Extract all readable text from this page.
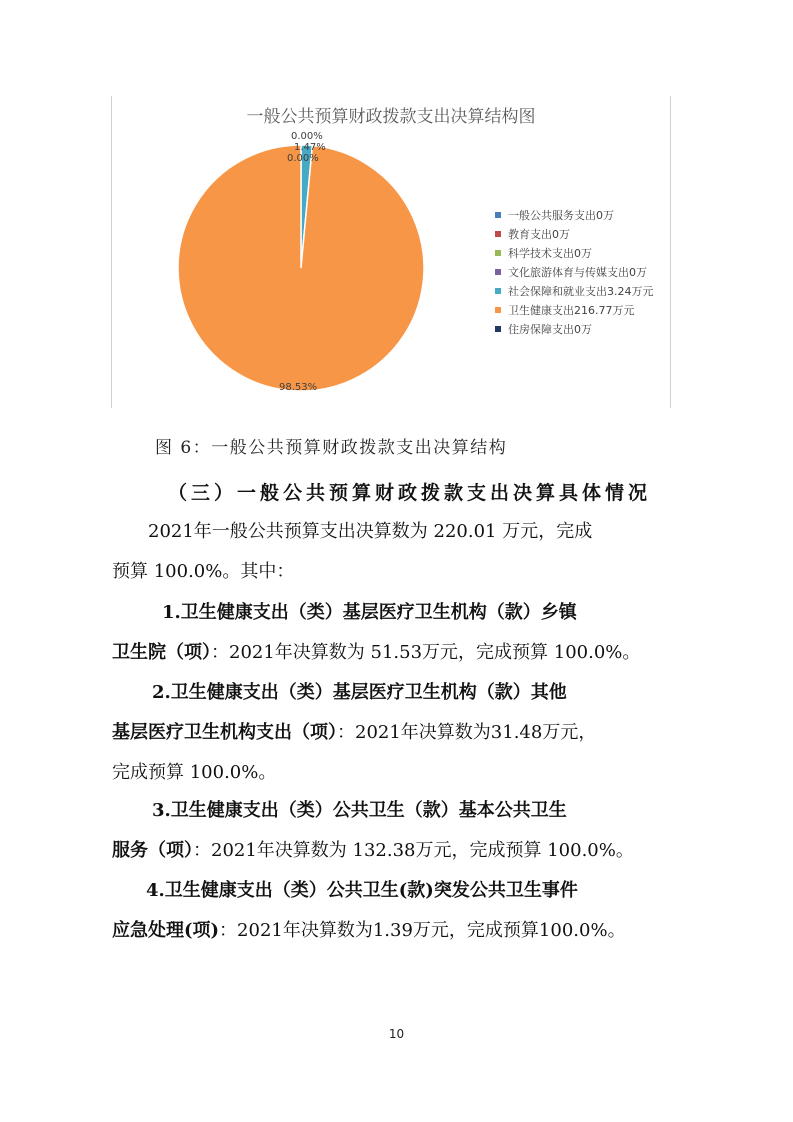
一般公共预算财政拨款支出决算结构图
0.00%
1.47%
0.00%
98.53%
一般公共服务支出0万
教育支出0万
科学技术支出0万
文化旅游体育与传媒支出0万
社会保障和就业支出3.24万元
卫生健康支出216.77万元
住房保障支出0万
图 6：一般公共预算财政拨款支出决算结构
（三）一般公共预算财政拨款支出决算具体情况
2021年一般公共预算支出决算数为 220.01 万元，完成
预算 100.0%。其中：
1.卫生健康支出（类）基层医疗卫生机构（款）乡镇
卫生院（项）：2021年决算数为 51.53万元，完成预算 100.0%。
2.卫生健康支出（类）基层医疗卫生机构（款）其他
基层医疗卫生机构支出（项）：2021年决算数为31.48万元，
完成预算 100.0%。
3.卫生健康支出（类）公共卫生（款）基本公共卫生
服务（项）：2021年决算数为 132.38万元，完成预算 100.0%。
4.卫生健康支出（类）公共卫生(款)突发公共卫生事件
应急处理(项)：2021年决算数为1.39万元，完成预算100.0%。
10
